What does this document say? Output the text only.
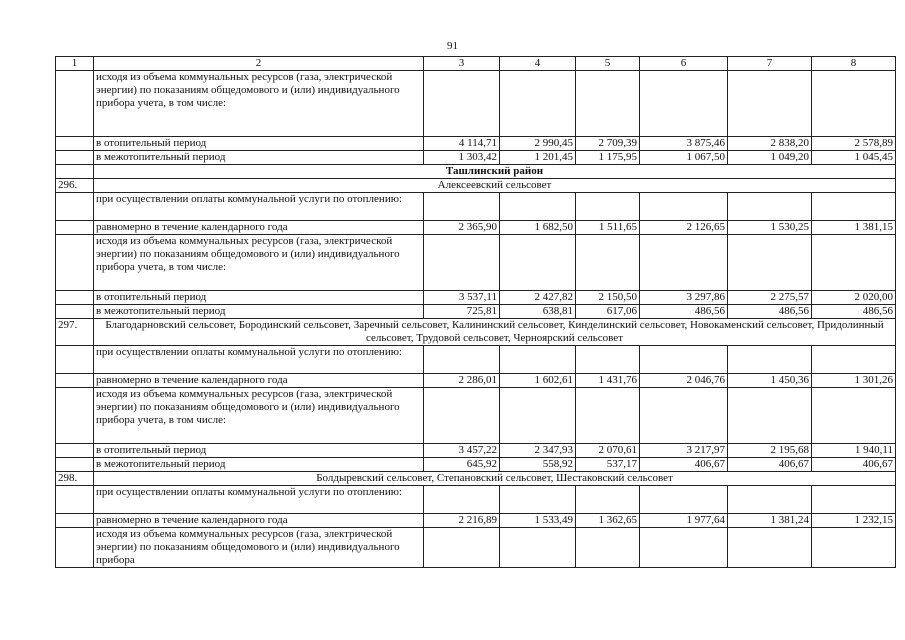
91
1	2	3	4	5	6	7	8
	исходя из объема коммунальных ресурсов (газа, электрической энергии) по показаниям общедомового и (или) индивидуального прибора учета, в том числе:						
	в отопительный период	4 114,71	2 990,45	2 709,39	3 875,46	2 838,20	2 578,89
	в межотопительный период	1 303,42	1 201,45	1 175,95	1 067,50	1 049,20	1 045,45
	Ташлинский район						
296.	Алексеевский сельсовет						
	при осуществлении оплаты коммунальной услуги по отоплению:						
	равномерно в течение календарного года	2 365,90	1 682,50	1 511,65	2 126,65	1 530,25	1 381,15
	исходя из объема коммунальных ресурсов (газа, электрической энергии) по показаниям общедомового и (или) индивидуального прибора учета, в том числе:						
	в отопительный период	3 537,11	2 427,82	2 150,50	3 297,86	2 275,57	2 020,00
	в межотопительный период	725,81	638,81	617,06	486,56	486,56	486,56
297.	Благодарновский сельсовет, Бородинский сельсовет, Заречный сельсовет, Калининский сельсовет, Кинделинский сельсовет, Новокаменский сельсовет, Придолинный сельсовет, Трудовой сельсовет, Черноярский сельсовет						
	при осуществлении оплаты коммунальной услуги по отоплению:						
	равномерно в течение календарного года	2 286,01	1 602,61	1 431,76	2 046,76	1 450,36	1 301,26
	исходя из объема коммунальных ресурсов (газа, электрической энергии) по показаниям общедомового и (или) индивидуального прибора учета, в том числе:						
	в отопительный период	3 457,22	2 347,93	2 070,61	3 217,97	2 195,68	1 940,11
	в межотопительный период	645,92	558,92	537,17	406,67	406,67	406,67
298.	Болдыревский сельсовет, Степановский сельсовет, Шестаковский сельсовет						
	при осуществлении оплаты коммунальной услуги по отоплению:						
	равномерно в течение календарного года	2 216,89	1 533,49	1 362,65	1 977,64	1 381,24	1 232,15
	исходя из объема коммунальных ресурсов (газа, электрической энергии) по показаниям общедомового и (или) индивидуального прибора						
